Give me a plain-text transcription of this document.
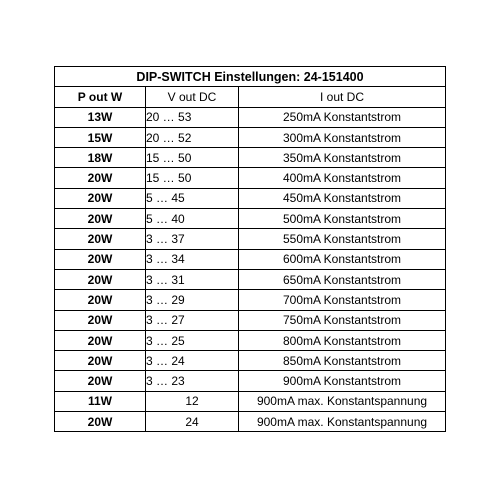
DIP-SWITCH Einstellungen: 24-151400		
P out W	V out DC	I out DC
13W	20 … 53	250mA Konstantstrom
15W	20 … 52	300mA Konstantstrom
18W	15 … 50	350mA Konstantstrom
20W	15 … 50	400mA Konstantstrom
20W	5 … 45	450mA Konstantstrom
20W	5 … 40	500mA Konstantstrom
20W	3 … 37	550mA Konstantstrom
20W	3 … 34	600mA Konstantstrom
20W	3 … 31	650mA Konstantstrom
20W	3 … 29	700mA Konstantstrom
20W	3 … 27	750mA Konstantstrom
20W	3 … 25	800mA Konstantstrom
20W	3 … 24	850mA Konstantstrom
20W	3 … 23	900mA Konstantstrom
11W	12	900mA max. Konstantspannung
20W	24	900mA max. Konstantspannung
